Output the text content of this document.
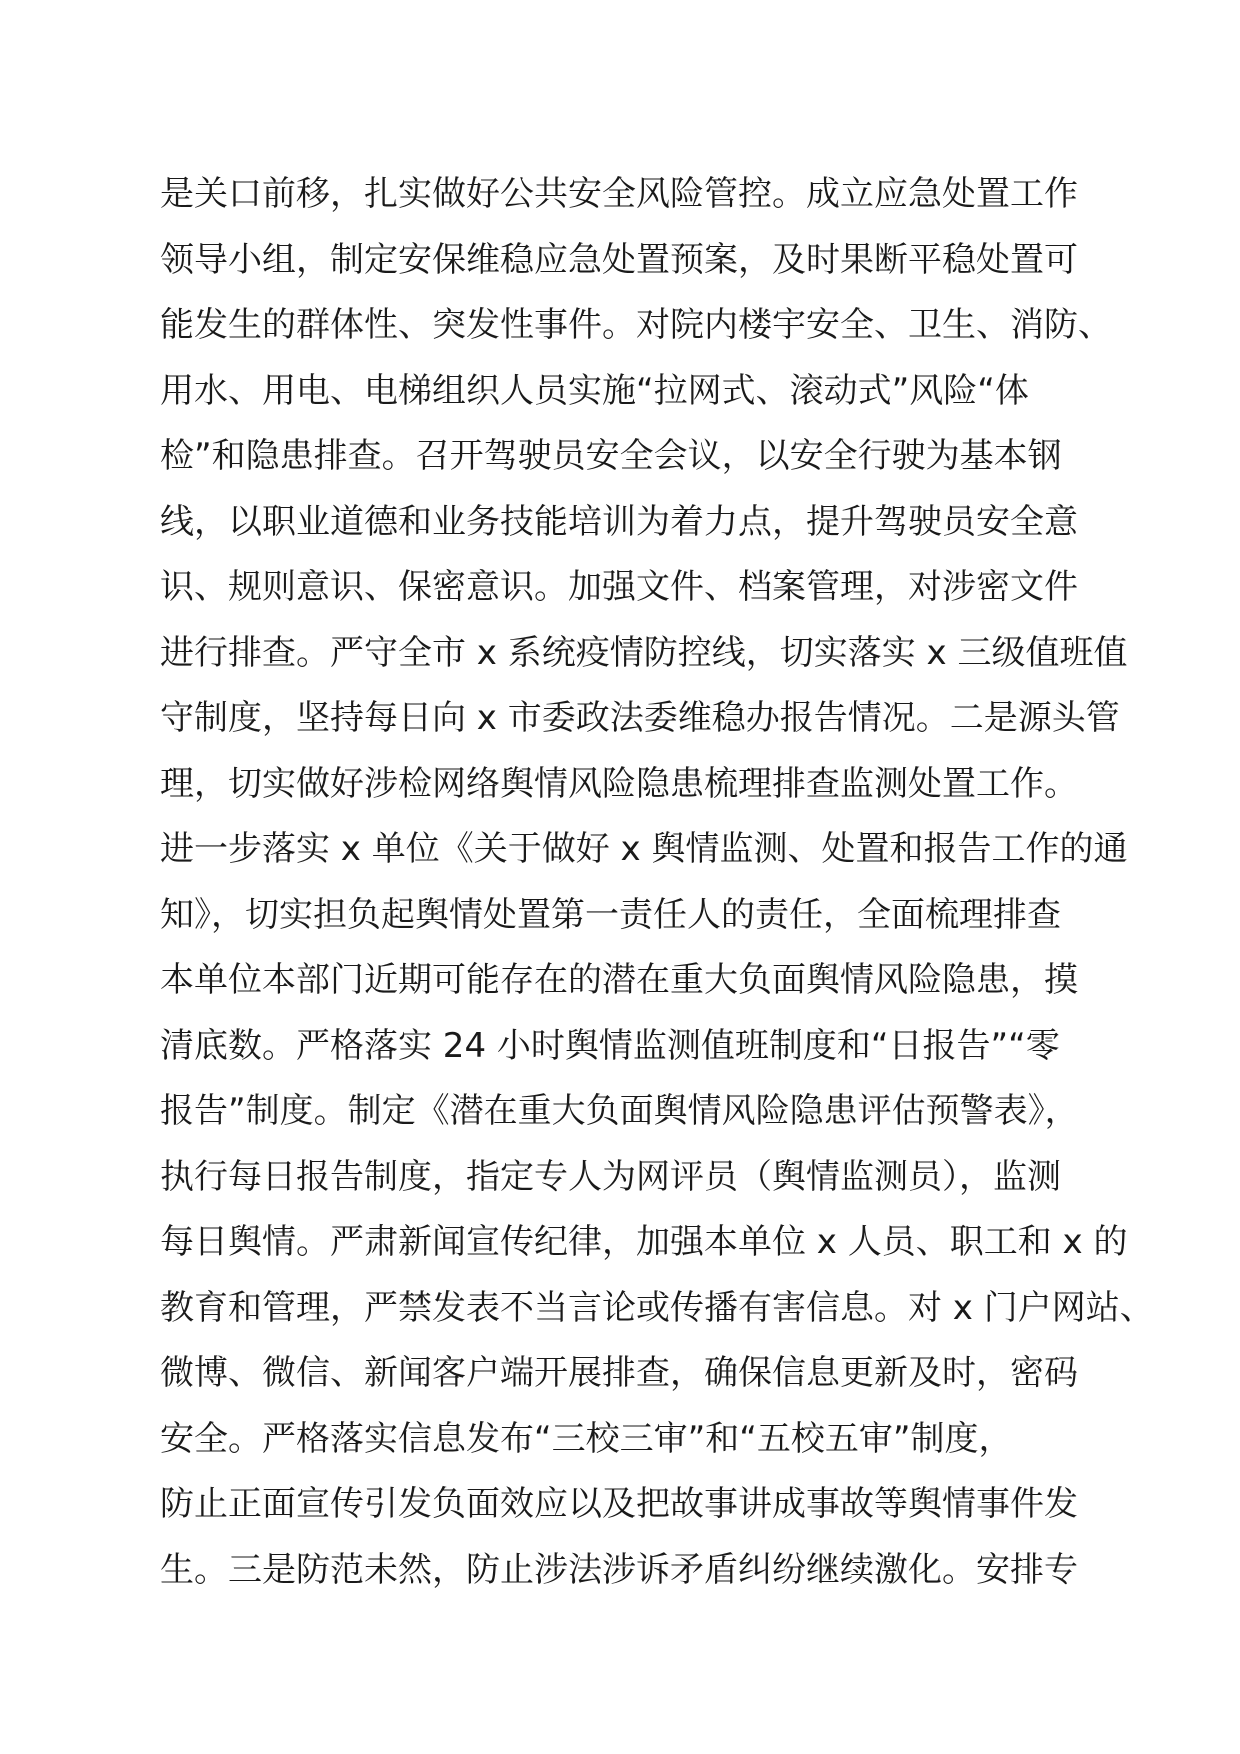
是关口前移，扎实做好公共安全风险管控。成立应急处置工作
领导小组，制定安保维稳应急处置预案，及时果断平稳处置可
能发生的群体性、突发性事件。对院内楼宇安全、卫生、消防、
用水、用电、电梯组织人员实施“拉网式、滚动式”风险“体
检”和隐患排查。召开驾驶员安全会议，以安全行驶为基本钢
线，以职业道德和业务技能培训为着力点，提升驾驶员安全意
识、规则意识、保密意识。加强文件、档案管理，对涉密文件
进行排查。严守全市 x 系统疫情防控线，切实落实 x 三级值班值
守制度，坚持每日向 x 市委政法委维稳办报告情况。二是源头管
理，切实做好涉检网络舆情风险隐患梳理排查监测处置工作。
进一步落实 x 单位《关于做好 x 舆情监测、处置和报告工作的通
知》，切实担负起舆情处置第一责任人的责任，全面梳理排查
本单位本部门近期可能存在的潜在重大负面舆情风险隐患，摸
清底数。严格落实 24 小时舆情监测值班制度和“日报告”“零
报告”制度。制定《潜在重大负面舆情风险隐患评估预警表》，
执行每日报告制度，指定专人为网评员（舆情监测员），监测
每日舆情。严肃新闻宣传纪律，加强本单位 x 人员、职工和 x 的
教育和管理，严禁发表不当言论或传播有害信息。对 x 门户网站、
微博、微信、新闻客户端开展排查，确保信息更新及时，密码
安全。严格落实信息发布“三校三审”和“五校五审”制度，
防止正面宣传引发负面效应以及把故事讲成事故等舆情事件发
生。三是防范未然，防止涉法涉诉矛盾纠纷继续激化。安排专
